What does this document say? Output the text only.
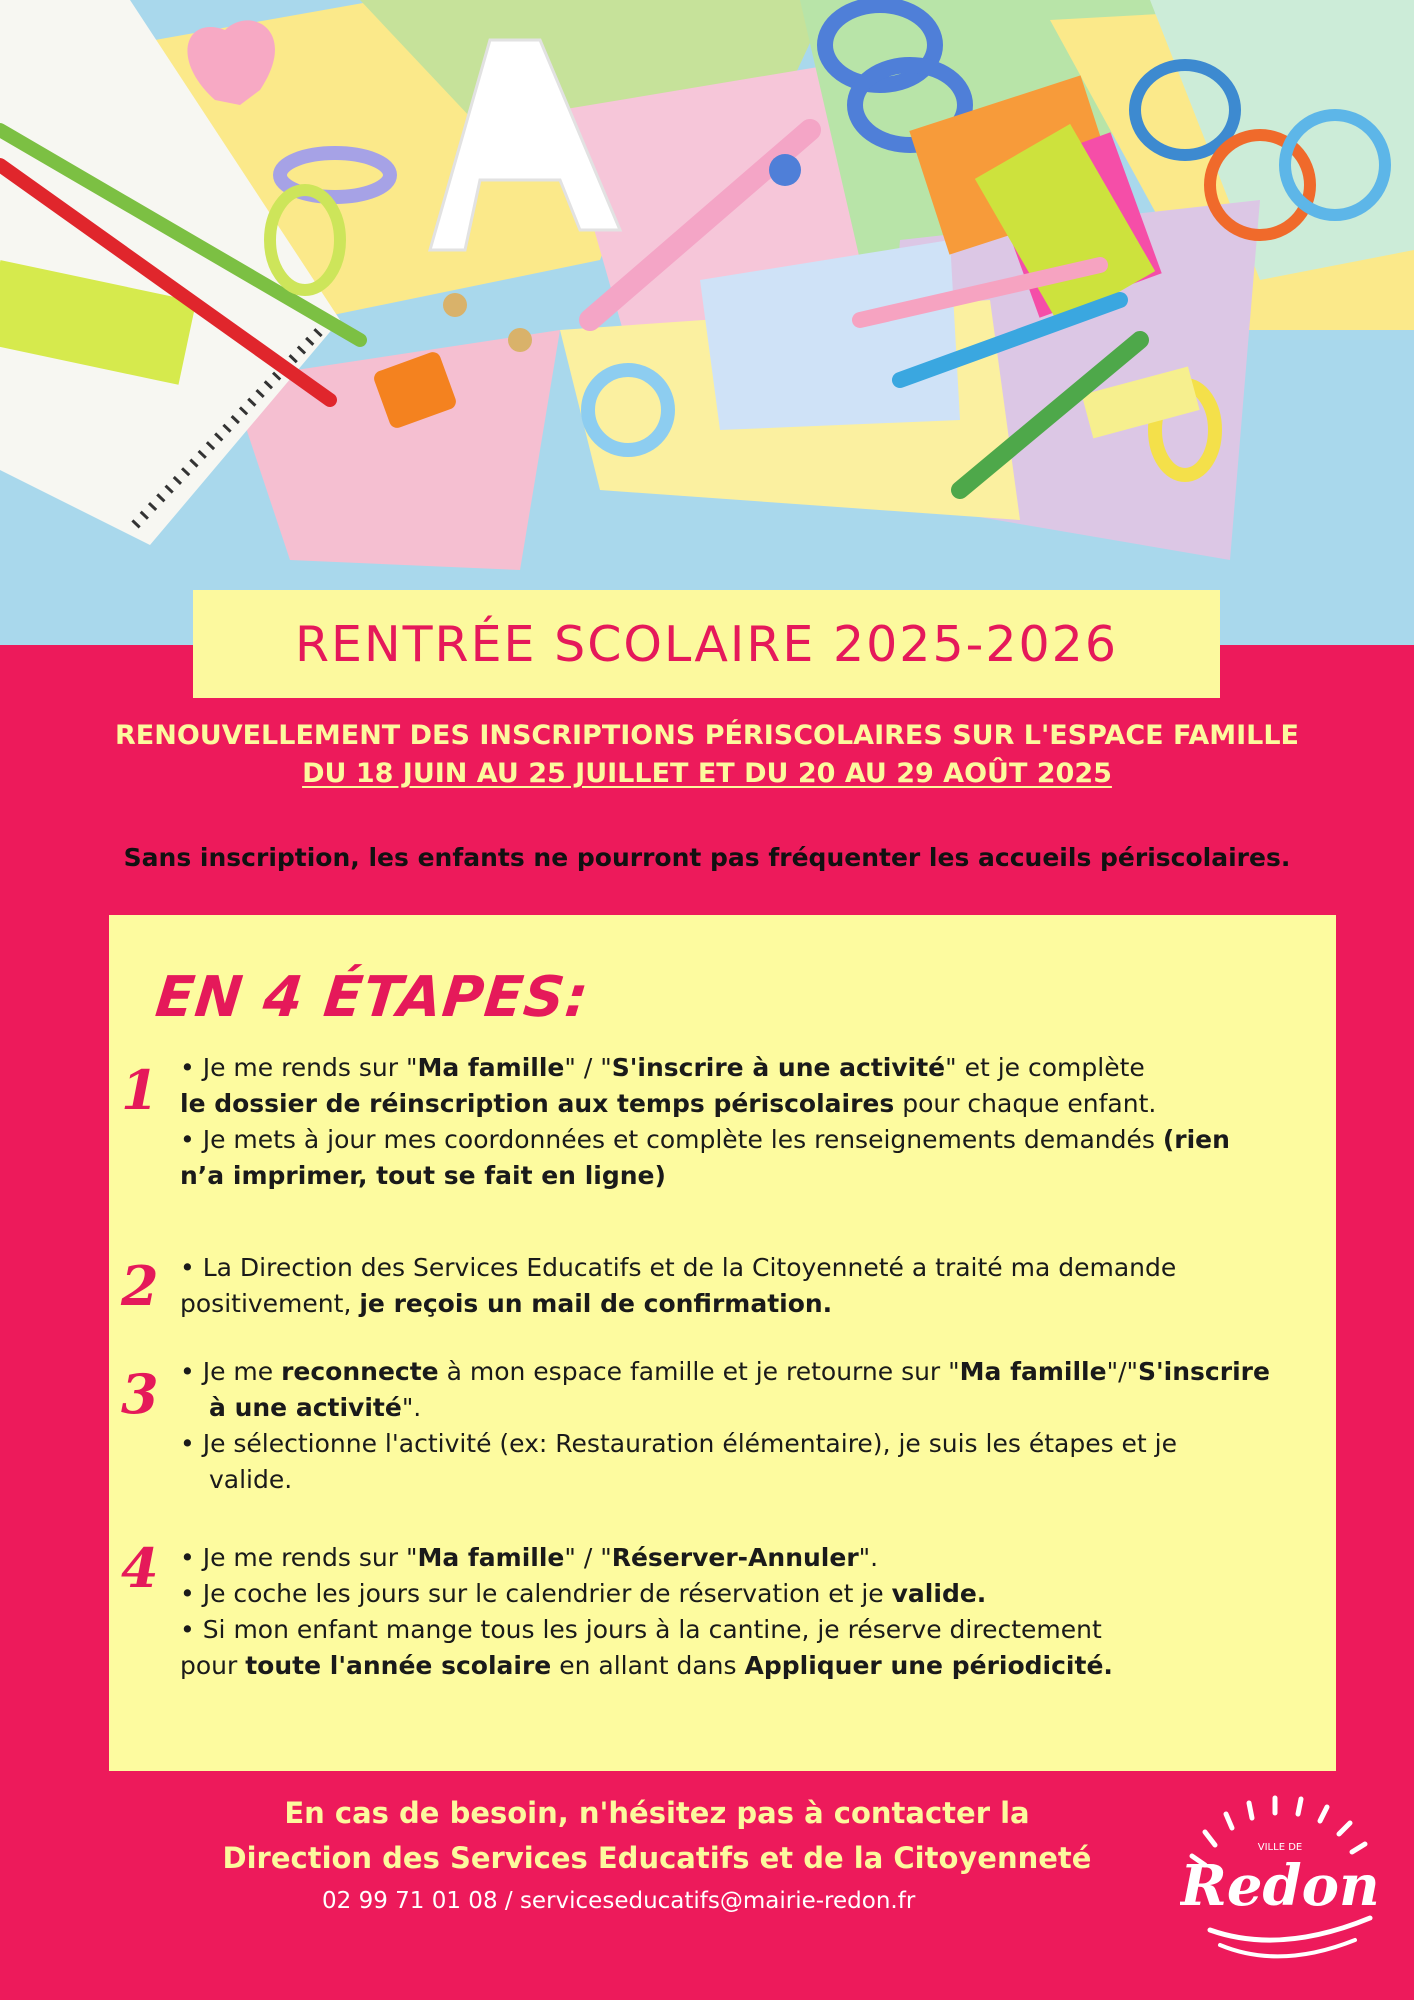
RENTRÉE SCOLAIRE 2025-2026
RENOUVELLEMENT DES INSCRIPTIONS PÉRISCOLAIRES SUR L'ESPACE FAMILLE
DU 18 JUIN AU 25 JUILLET ET DU 20 AU 29 AOÛT 2025
Sans inscription, les enfants ne pourront pas fréquenter les accueils périscolaires.
EN 4 ÉTAPES:
1 • Je me rends sur "Ma famille" / "S'inscrire à une activité" et je complète
le dossier de réinscription aux temps périscolaires pour chaque enfant.
• Je mets à jour mes coordonnées et complète les renseignements demandés (rien
n’a imprimer, tout se fait en ligne)
2 • La Direction des Services Educatifs et de la Citoyenneté a traité ma demande
positivement, je reçois un mail de confirmation.
3 • Je me reconnecte à mon espace famille et je retourne sur "Ma famille"/"S'inscrire
à une activité".
• Je sélectionne l'activité (ex: Restauration élémentaire), je suis les étapes et je
valide.
4 • Je me rends sur "Ma famille" / "Réserver-Annuler".
• Je coche les jours sur le calendrier de réservation et je valide.
• Si mon enfant mange tous les jours à la cantine, je réserve directement
pour toute l'année scolaire en allant dans Appliquer une périodicité.
En cas de besoin, n'hésitez pas à contacter la
Direction des Services Educatifs et de la Citoyenneté
02 99 71 01 08 / serviceseducatifs@mairie-redon.fr
VILLE DE
Redon
